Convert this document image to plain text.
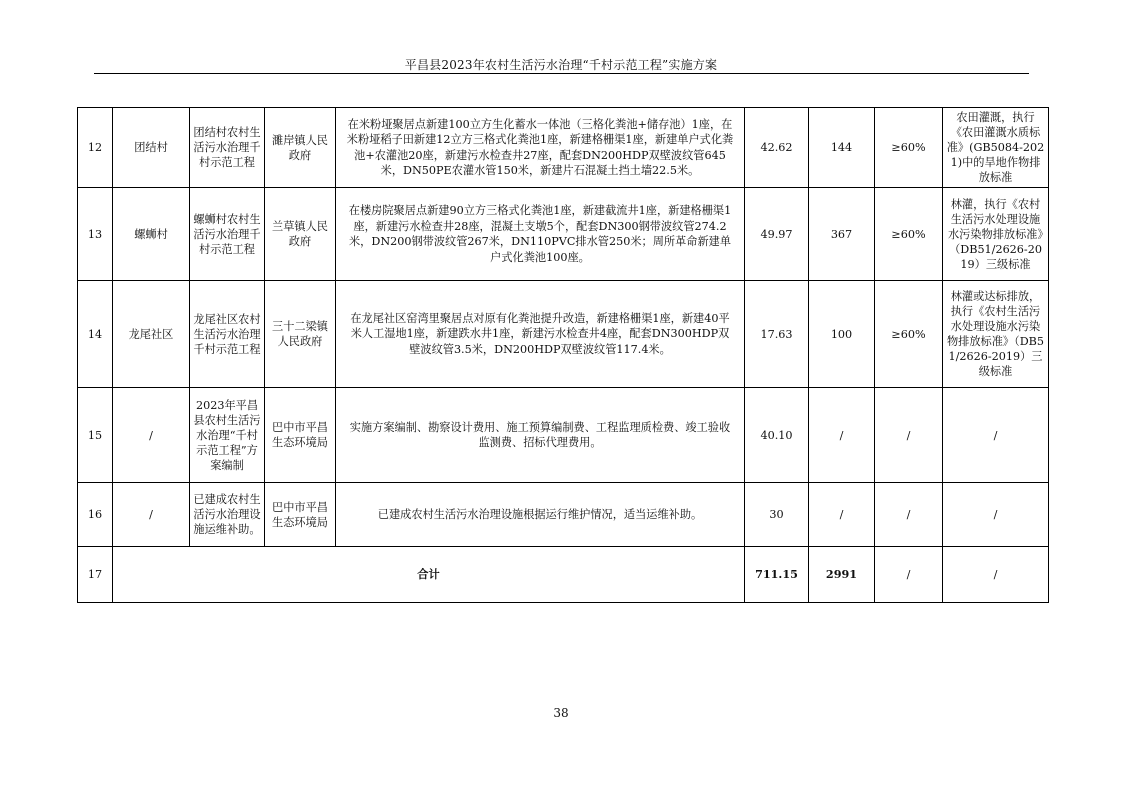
平昌县2023年农村生活污水治理“千村示范工程”实施方案
12	团结村	团结村农村生活污水治理千村示范工程	濉岸镇人民政府	在米粉垭聚居点新建100立方生化蓄水一体池（三格化粪池+储存池）1座，在米粉垭稻子田新建12立方三格式化粪池1座，新建格栅渠1座，新建单户式化粪池+农灌池20座，新建污水检查井27座，配套DN200HDP双壁波纹管645米，DN50PE农灌水管150米，新建片石混凝土挡土墙22.5米。	42.62	144	≥60%	农田灌溉，执行《农田灌溉水质标准》(GB5084-2021)中的旱地作物排放标准
13	螺蛳村	螺蛳村农村生活污水治理千村示范工程	兰草镇人民政府	在楼房院聚居点新建90立方三格式化粪池1座，新建截流井1座，新建格栅渠1座，新建污水检查井28座，混凝土支墩5个，配套DN300钢带波纹管274.2米，DN200钢带波纹管267米，DN110PVC排水管250米；周所革命新建单户式化粪池100座。	49.97	367	≥60%	林灌，执行《农村生活污水处理设施水污染物排放标准》（DB51/2626-2019）三级标准
14	龙尾社区	龙尾社区农村生活污水治理千村示范工程	三十二梁镇人民政府	在龙尾社区窑湾里聚居点对原有化粪池提升改造，新建格栅渠1座，新建40平米人工湿地1座，新建跌水井1座，新建污水检查井4座，配套DN300HDP双壁波纹管3.5米，DN200HDP双壁波纹管117.4米。	17.63	100	≥60%	林灌或达标排放，执行《农村生活污水处理设施水污染物排放标准》（DB51/2626-2019）三级标准
15	/	2023年平昌县农村生活污水治理“千村示范工程”方案编制	巴中市平昌生态环境局	实施方案编制、勘察设计费用、施工预算编制费、工程监理质检费、竣工验收监测费、招标代理费用。	40.10	/	/	/
16	/	已建成农村生活污水治理设施运维补助。	巴中市平昌生态环境局	已建成农村生活污水治理设施根据运行维护情况，适当运维补助。	30	/	/	/
17	合计				711.15	2991	/	/
38
